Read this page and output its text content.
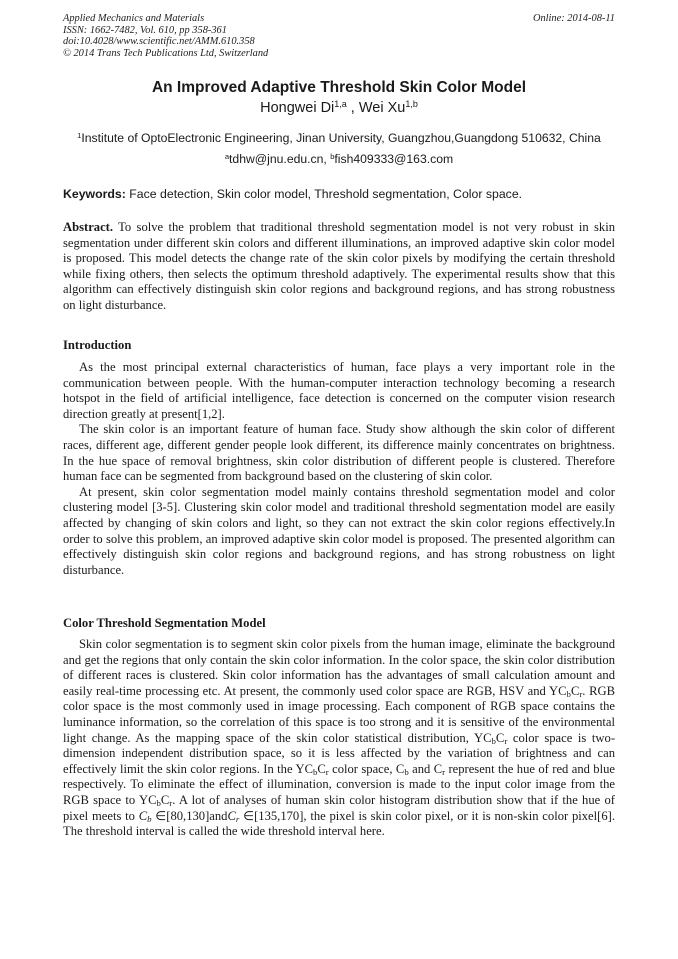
Applied Mechanics and Materials
ISSN: 1662-7482, Vol. 610, pp 358-361
doi:10.4028/www.scientific.net/AMM.610.358
© 2014 Trans Tech Publications Ltd, Switzerland
Online: 2014-08-11
An Improved Adaptive Threshold Skin Color Model
Hongwei Di$^{1,a}$ , Wei Xu$^{1,b}$
$^1$Institute of OptoElectronic Engineering, Jinan University, Guangzhou,Guangdong 510632, China
$^a$tdhw@jnu.edu.cn, $^b$fish409333@163.com
Keywords: Face detection, Skin color model, Threshold segmentation, Color space.

Abstract. To solve the problem that traditional threshold segmentation model is not very robust in skin segmentation under different skin colors and different illuminations, an improved adaptive skin color model is proposed. This model detects the change rate of the skin color pixels by modifying the certain threshold while fixing others, then selects the optimum threshold adaptively. The experimental results show that this algorithm can effectively distinguish skin color regions and background regions, and has strong robustness on light disturbance.

Introduction

As the most principal external characteristics of human, face plays a very important role in the communication between people. With the human-computer interaction technology becoming a research hotspot in the field of artificial intelligence, face detection is concerned on the computer vision research direction greatly at present[1,2].

The skin color is an important feature of human face. Study show although the skin color of different races, different age, different gender people look different, its difference mainly concentrates on brightness. In the hue space of removal brightness, skin color distribution of different people is clustered. Therefore human face can be segmented from background based on the clustering of skin color.

At present, skin color segmentation model mainly contains threshold segmentation model and color clustering model [3-5]. Clustering skin color model and traditional threshold segmentation model are easily affected by changing of skin colors and light, so they can not extract the skin color regions effectively.In order to solve this problem, an improved adaptive skin color model is proposed. The presented algorithm can effectively distinguish skin color regions and background regions, and has strong robustness on light disturbance.

Color Threshold Segmentation Model

Skin color segmentation is to segment skin color pixels from the human image, eliminate the background and get the regions that only contain the skin color information. In the color space, the skin color distribution of different races is clustered. Skin color information has the advantages of small calculation amount and easily real-time processing etc. At present, the commonly used color space are RGB, HSV and $YC_bC_r$. RGB color space is the most commonly used in image processing. Each component of RGB space contains the luminance information, so the correlation of this space is too strong and it is sensitive of the environmental light change. As the mapping space of the skin color statistical distribution, $YC_bC_r$ color space is two-dimension independent distribution space, so it is less affected by the variation of brightness and can effectively limit the skin color regions. In the $YC_bC_r$ color space, $C_b$ and $C_r$ represent the hue of red and blue respectively. To eliminate the effect of illumination, conversion is made to the input color image from the RGB space to $YC_bC_r$. A lot of analyses of human skin color histogram distribution show that if the hue of pixel meets to $C_b$ ∈[80,130]andC$_r$ ∈[135,170], the pixel is skin color pixel, or it is non-skin color pixel[6]. The threshold interval is called the wide threshold interval here.
